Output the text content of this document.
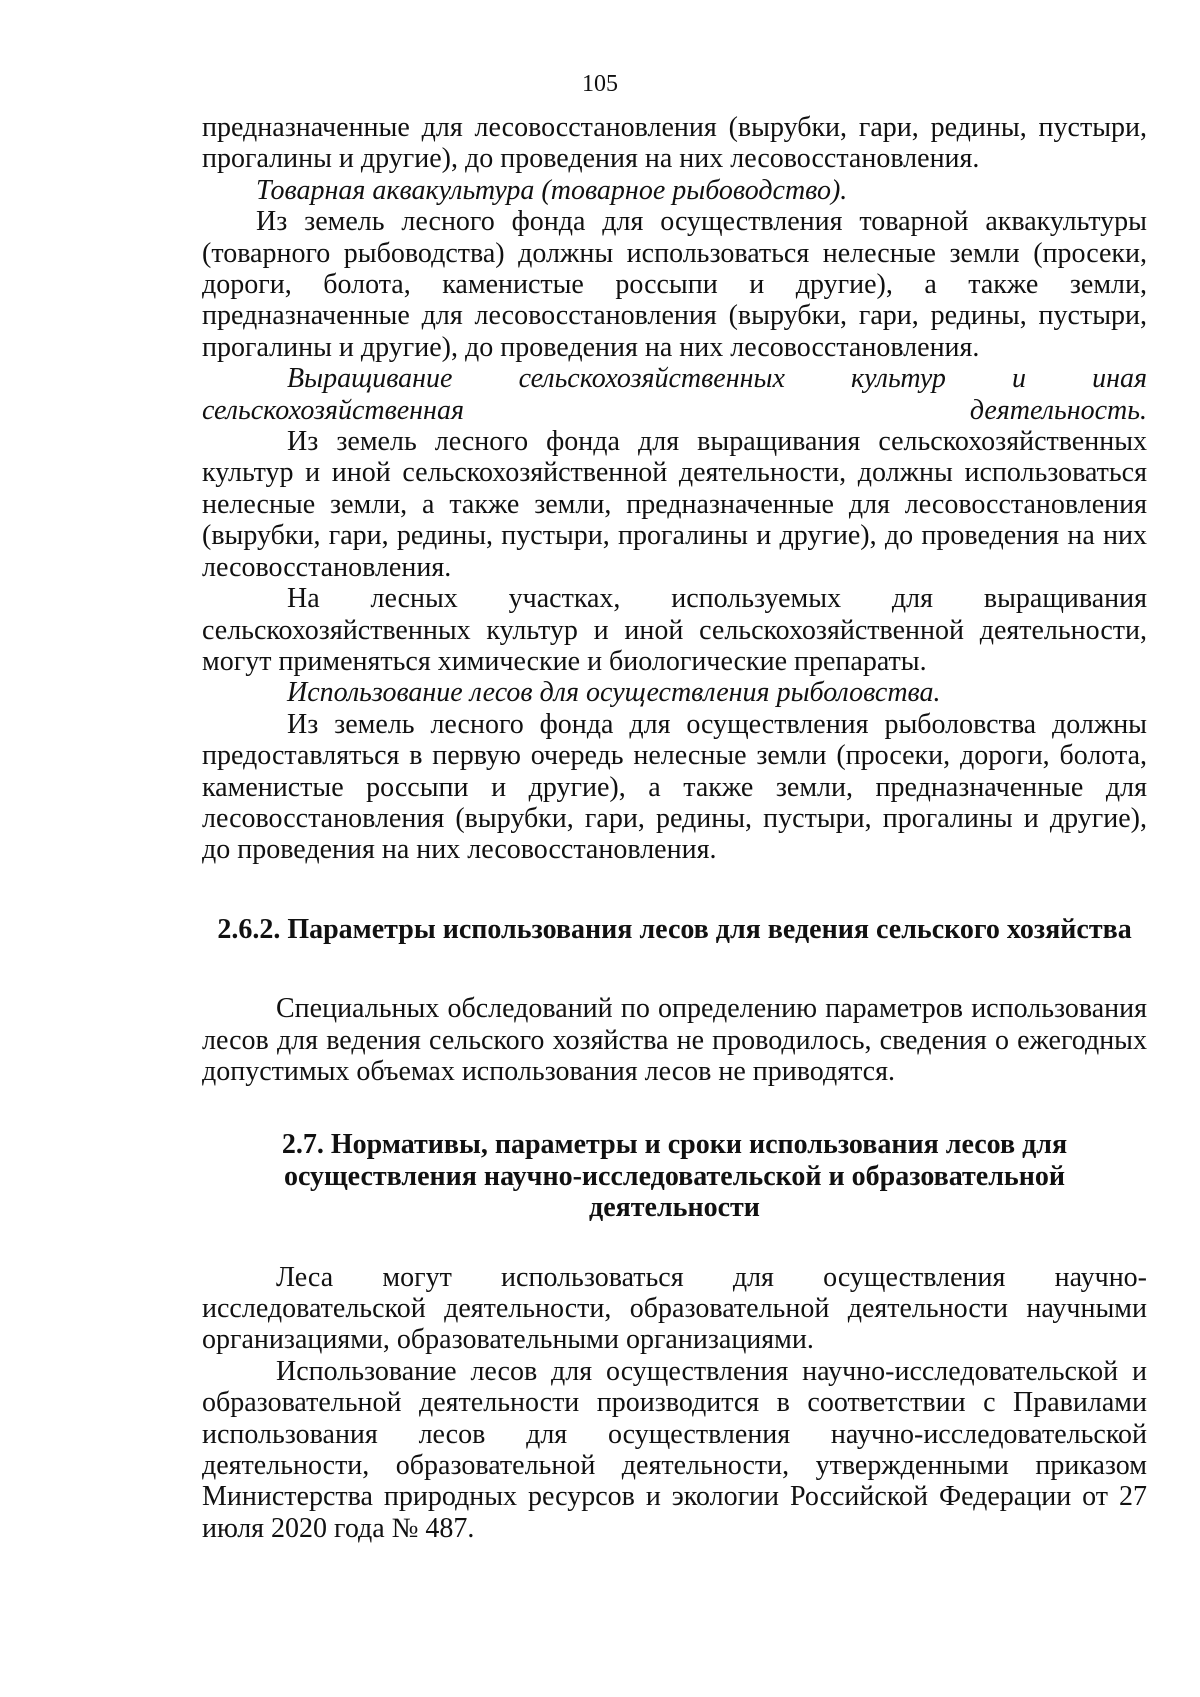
105

предназначенные для лесовосстановления (вырубки, гари, редины, пустыри, прогалины и другие), до проведения на них лесовосстановления.

Товарная аквакультура (товарное рыбоводство).

Из земель лесного фонда для осуществления товарной аквакультуры (товарного рыбоводства) должны использоваться нелесные земли (просеки, дороги, болота, каменистые россыпи и другие), а также земли, предназначенные для лесовосстановления (вырубки, гари, редины, пустыри, прогалины и другие), до проведения на них лесовосстановления.

Выращивание сельскохозяйственных культур и иная сельскохозяйственная деятельность.

Из земель лесного фонда для выращивания сельскохозяйственных культур и иной сельскохозяйственной деятельности, должны использоваться нелесные земли, а также земли, предназначенные для лесовосстановления (вырубки, гари, редины, пустыри, прогалины и другие), до проведения на них лесовосстановления.

На лесных участках, используемых для выращивания сельскохозяйственных культур и иной сельскохозяйственной деятельности, могут применяться химические и биологические препараты.

Использование лесов для осуществления рыболовства.

Из земель лесного фонда для осуществления рыболовства должны предоставляться в первую очередь нелесные земли (просеки, дороги, болота, каменистые россыпи и другие), а также земли, предназначенные для лесовосстановления (вырубки, гари, редины, пустыри, прогалины и другие), до проведения на них лесовосстановления.

2.6.2. Параметры использования лесов для ведения сельского хозяйства

Специальных обследований по определению параметров использования лесов для ведения сельского хозяйства не проводилось, сведения о ежегодных допустимых объемах использования лесов не приводятся.

2.7. Нормативы, параметры и сроки использования лесов для осуществления научно-исследовательской и образовательной деятельности

Леса могут использоваться для осуществления научно-исследовательской деятельности, образовательной деятельности научными организациями, образовательными организациями.

Использование лесов для осуществления научно-исследовательской и образовательной деятельности производится в соответствии с Правилами использования лесов для осуществления научно-исследовательской деятельности, образовательной деятельности, утвержденными приказом Министерства природных ресурсов и экологии Российской Федерации от 27 июля 2020 года № 487.
